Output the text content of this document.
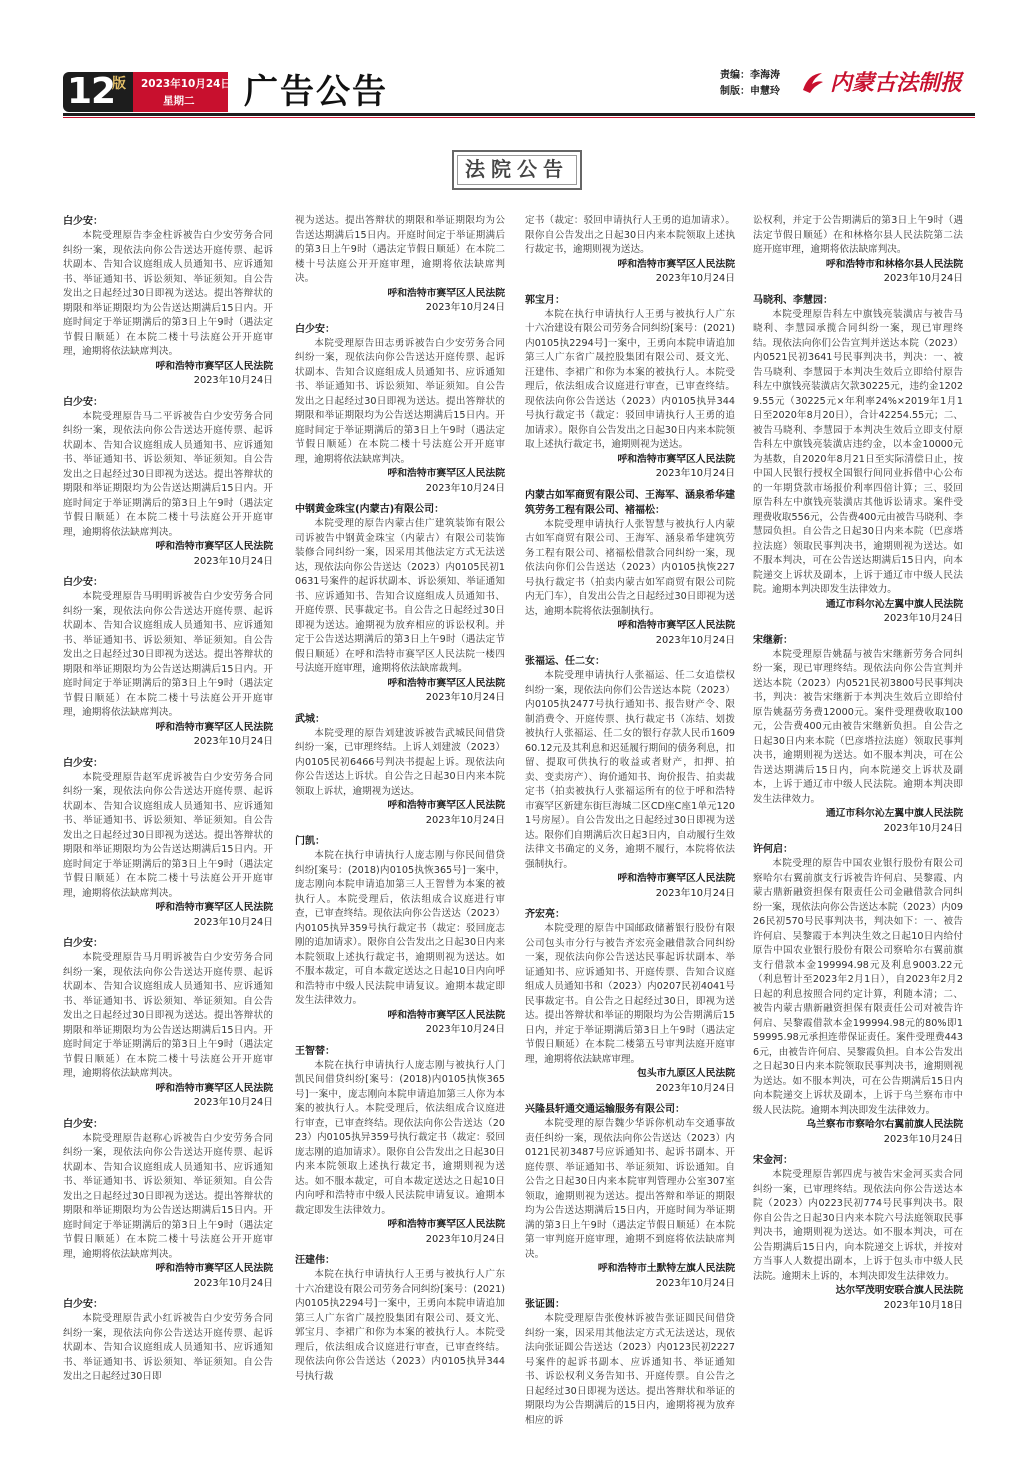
12
版 2023年10月24日
星期二 广告公告	责编：李海涛
制版：申慧玲 内蒙古法制报
法院公告

白少安：

本院受理原告李金柱诉被告白少安劳务合同纠纷一案，现依法向你公告送达开庭传票、起诉状副本、告知合议庭组成人员通知书、应诉通知书、举证通知书、诉讼须知、举证须知。自公告发出之日起经过30日即视为送达。提出答辩状的期限和举证期限均为公告送达期满后15日内。开庭时间定于举证期满后的第3日上午9时（遇法定节假日顺延）在本院二楼十号法庭公开开庭审理，逾期将依法缺席判决。

呼和浩特市赛罕区人民法院

2023年10月24日

白少安：

本院受理原告马二平诉被告白少安劳务合同纠纷一案，现依法向你公告送达开庭传票、起诉状副本、告知合议庭组成人员通知书、应诉通知书、举证通知书、诉讼须知、举证须知。自公告发出之日起经过30日即视为送达。提出答辩状的期限和举证期限均为公告送达期满后15日内。开庭时间定于举证期满后的第3日上午9时（遇法定节假日顺延）在本院二楼十号法庭公开开庭审理，逾期将依法缺席判决。

呼和浩特市赛罕区人民法院

2023年10月24日

白少安：

本院受理原告马明明诉被告白少安劳务合同纠纷一案，现依法向你公告送达开庭传票、起诉状副本、告知合议庭组成人员通知书、应诉通知书、举证通知书、诉讼须知、举证须知。自公告发出之日起经过30日即视为送达。提出答辩状的期限和举证期限均为公告送达期满后15日内。开庭时间定于举证期满后的第3日上午9时（遇法定节假日顺延）在本院二楼十号法庭公开开庭审理，逾期将依法缺席判决。

呼和浩特市赛罕区人民法院

2023年10月24日

白少安：

本院受理原告赵军虎诉被告白少安劳务合同纠纷一案，现依法向你公告送达开庭传票、起诉状副本、告知合议庭组成人员通知书、应诉通知书、举证通知书、诉讼须知、举证须知。自公告发出之日起经过30日即视为送达。提出答辩状的期限和举证期限均为公告送达期满后15日内。开庭时间定于举证期满后的第3日上午9时（遇法定节假日顺延）在本院二楼十号法庭公开开庭审理，逾期将依法缺席判决。

呼和浩特市赛罕区人民法院

2023年10月24日

白少安：

本院受理原告马月明诉被告白少安劳务合同纠纷一案，现依法向你公告送达开庭传票、起诉状副本、告知合议庭组成人员通知书、应诉通知书、举证通知书、诉讼须知、举证须知。自公告发出之日起经过30日即视为送达。提出答辩状的期限和举证期限均为公告送达期满后15日内。开庭时间定于举证期满后的第3日上午9时（遇法定节假日顺延）在本院二楼十号法庭公开开庭审理，逾期将依法缺席判决。

呼和浩特市赛罕区人民法院

2023年10月24日

白少安：

本院受理原告赵称心诉被告白少安劳务合同纠纷一案，现依法向你公告送达开庭传票、起诉状副本、告知合议庭组成人员通知书、应诉通知书、举证通知书、诉讼须知、举证须知。自公告发出之日起经过30日即视为送达。提出答辩状的期限和举证期限均为公告送达期满后15日内。开庭时间定于举证期满后的第3日上午9时（遇法定节假日顺延）在本院二楼十号法庭公开开庭审理，逾期将依法缺席判决。

呼和浩特市赛罕区人民法院

2023年10月24日

白少安：

本院受理原告武小红诉被告白少安劳务合同纠纷一案，现依法向你公告送达开庭传票、起诉状副本、告知合议庭组成人员通知书、应诉通知书、举证通知书、诉讼须知、举证须知。自公告发出之日起经过30日即

视为送达。提出答辩状的期限和举证期限均为公告送达期满后15日内。开庭时间定于举证期满后的第3日上午9时（遇法定节假日顺延）在本院二楼十号法庭公开开庭审理，逾期将依法缺席判决。

呼和浩特市赛罕区人民法院

2023年10月24日

白少安：

本院受理原告田志勇诉被告白少安劳务合同纠纷一案，现依法向你公告送达开庭传票、起诉状副本、告知合议庭组成人员通知书、应诉通知书、举证通知书、诉讼须知、举证须知。自公告发出之日起经过30日即视为送达。提出答辩状的期限和举证期限均为公告送达期满后15日内。开庭时间定于举证期满后的第3日上午9时（遇法定节假日顺延）在本院二楼十号法庭公开开庭审理，逾期将依法缺席判决。

呼和浩特市赛罕区人民法院

2023年10月24日

中钢黄金珠宝(内蒙古)有限公司：

本院受理的原告内蒙古佳广建筑装饰有限公司诉被告中钢黄金珠宝（内蒙古）有限公司装饰装修合同纠纷一案，因采用其他法定方式无法送达，现依法向你公告送达（2023）内0105民初10631号案件的起诉状副本、诉讼须知、举证通知书、应诉通知书、告知合议庭组成人员通知书、开庭传票、民事裁定书。自公告之日起经过30日即视为送达。逾期视为放弃相应的诉讼权利。并定于公告送达期满后的第3日上午9时（遇法定节假日顺延）在呼和浩特市赛罕区人民法院一楼四号法庭开庭审理，逾期将依法缺席裁判。

呼和浩特市赛罕区人民法院

2023年10月24日

武城：

本院受理的原告刘建波诉被告武城民间借贷纠纷一案，已审理终结。上诉人刘建波（2023）内0105民初6466号判决书提起上诉。现依法向你公告送达上诉状。自公告之日起30日内来本院领取上诉状，逾期视为送达。

呼和浩特市赛罕区人民法院

2023年10月24日

门凯：

本院在执行申请执行人庞志刚与你民间借贷纠纷[案号：(2018)内0105执恢365号]一案中，庞志刚向本院申请追加第三人王智替为本案的被执行人。本院受理后，依法组成合议庭进行审查，已审查终结。现依法向你公告送达（2023）内0105执异359号执行裁定书（裁定：驳回庞志刚的追加请求）。限你自公告发出之日起30日内来本院领取上述执行裁定书，逾期则视为送达。如不服本裁定，可自本裁定送达之日起10日内向呼和浩特市中级人民法院申请复议。逾期本裁定即发生法律效力。

呼和浩特市赛罕区人民法院

2023年10月24日

王智替：

本院在执行申请执行人庞志刚与被执行人门凯民间借贷纠纷[案号：(2018)内0105执恢365号]一案中，庞志刚向本院申请追加第三人你为本案的被执行人。本院受理后，依法组成合议庭进行审查，已审查终结。现依法向你公告送达（2023）内0105执异359号执行裁定书（裁定：驳回庞志刚的追加请求）。限你自公告发出之日起30日内来本院领取上述执行裁定书，逾期则视为送达。如不服本裁定，可自本裁定送达之日起10日内向呼和浩特市中级人民法院申请复议。逾期本裁定即发生法律效力。

呼和浩特市赛罕区人民法院

2023年10月24日

汪建伟：

本院在执行申请执行人王勇与被执行人广东十六冶建设有限公司劳务合同纠纷[案号：(2021)内0105执2294号]一案中，王勇向本院申请追加第三人广东省广晟控股集团有限公司、聂文光、郭宝月、李裙广和你为本案的被执行人。本院受理后，依法组成合议庭进行审查，已审查终结。现依法向你公告送达（2023）内0105执异344号执行裁

定书（裁定：驳回申请执行人王勇的追加请求）。限你自公告发出之日起30日内来本院领取上述执行裁定书，逾期则视为送达。

呼和浩特市赛罕区人民法院

2023年10月24日

郭宝月：

本院在执行申请执行人王勇与被执行人广东十六冶建设有限公司劳务合同纠纷[案号：(2021)内0105执2294号]一案中，王勇向本院申请追加第三人广东省广晟控股集团有限公司、聂文光、汪建伟、李裙广和你为本案的被执行人。本院受理后，依法组成合议庭进行审查，已审查终结。现依法向你公告送达（2023）内0105执异344号执行裁定书（裁定：驳回申请执行人王勇的追加请求）。限你自公告发出之日起30日内来本院领取上述执行裁定书，逾期则视为送达。

呼和浩特市赛罕区人民法院

2023年10月24日

内蒙古如军商贸有限公司、王海军、涵泉希华建筑劳务工程有限公司、褚福松：

本院受理申请执行人张智慧与被执行人内蒙古如军商贸有限公司、王海军、涵泉希华建筑劳务工程有限公司、褚福松借款合同纠纷一案，现依法向你们公告送达（2023）内0105执恢227号执行裁定书（拍卖内蒙古如军商贸有限公司院内无门车），自发出公告之日起经过30日即视为送达，逾期本院将依法强制执行。

呼和浩特市赛罕区人民法院

2023年10月24日

张福运、任二女：

本院受理申请执行人张福运、任二女追偿权纠纷一案，现依法向你们公告送达本院（2023）内0105执2477号执行通知书、报告财产令、限制消费令、开庭传票、执行裁定书（冻结、划拨被执行人张福运、任二女的银行存款人民币160960.12元及其利息和迟延履行期间的债务利息，扣留、提取可供执行的收益或者财产，扣押、拍卖、变卖房产）、询价通知书、询价报告、拍卖裁定书（拍卖被执行人张福运所有的位于呼和浩特市赛罕区新建东街巨海城二区CD座C座1单元1201号房屋）。自公告发出之日起经过30日即视为送达。限你们自期满后次日起3日内，自动履行生效法律文书确定的义务，逾期不履行，本院将依法强制执行。

呼和浩特市赛罕区人民法院

2023年10月24日

齐宏亮：

本院受理的原告中国邮政储蓄银行股份有限公司包头市分行与被告齐宏亮金融借款合同纠纷一案，现依法向你公告送达民事起诉状副本、举证通知书、应诉通知书、开庭传票、告知合议庭组成人员通知书和（2023）内0207民初4041号民事裁定书。自公告之日起经过30日，即视为送达。提出答辩状和举证的期限均为公告期满后15日内，并定于举证期满后第3日上午9时（遇法定节假日顺延）在本院二楼第五号审判法庭开庭审理，逾期将依法缺席审理。

包头市九原区人民法院

2023年10月24日

兴隆县轩通交通运输服务有限公司：

本院受理的原告魏少华诉你机动车交通事故责任纠纷一案，现依法向你公告送达（2023）内0121民初3487号应诉通知书、起诉书副本、开庭传票、举证通知书、举证须知、诉讼通知。自公告之日起30日内来本院审判管理办公室307室领取，逾期则视为送达。提出答辩和举证的期限均为公告送达期满后15日内，开庭时间为举证期满的第3日上午9时（遇法定节假日顺延）在本院第一审判庭开庭审理，逾期不到庭将依法缺席判决。

呼和浩特市土默特左旗人民法院

2023年10月24日

张证圆：

本院受理原告张俊林诉被告张证圆民间借贷纠纷一案，因采用其他法定方式无法送达，现依法向张证圆公告送达（2023）内0123民初2227号案件的起诉书副本、应诉通知书、举证通知书、诉讼权利义务告知书、开庭传票。自公告之日起经过30日即视为送达。提出答辩状和举证的期限均为公告期满后的15日内，逾期将视为放弃相应的诉

讼权利，并定于公告期满后的第3日上午9时（遇法定节假日顺延）在和林格尔县人民法院第二法庭开庭审理，逾期将依法缺席判决。

呼和浩特市和林格尔县人民法院

2023年10月24日

马晓利、李慧园：

本院受理原告科左中旗钱亮装潢店与被告马晓利、李慧园承揽合同纠纷一案，现已审理终结。现依法向你们公告宣判并送达本院（2023）内0521民初3641号民事判决书，判决：一、被告马晓利、李慧园于本判决生效后立即给付原告科左中旗钱亮装潢店欠款30225元，违约金12029.55元（30225元×年利率24%×2019年1月1日至2020年8月20日），合计42254.55元；二、被告马晓利、李慧园于本判决生效后立即支付原告科左中旗钱亮装潢店违约金，以本金10000元为基数，自2020年8月21日至实际清偿日止，按中国人民银行授权全国银行间同业拆借中心公布的一年期贷款市场报价利率四倍计算；三、驳回原告科左中旗钱亮装潢店其他诉讼请求。案件受理费收取556元，公告费400元由被告马晓利、李慧园负担。自公告之日起30日内来本院（巴彦塔拉法庭）领取民事判决书，逾期则视为送达。如不服本判决，可在公告送达期满后15日内，向本院递交上诉状及副本，上诉于通辽市中级人民法院。逾期本判决即发生法律效力。

通辽市科尔沁左翼中旗人民法院

2023年10月24日

宋继新：

本院受理原告姚磊与被告宋继新劳务合同纠纷一案，现已审理终结。现依法向你公告宣判并送达本院（2023）内0521民初3800号民事判决书，判决：被告宋继新于本判决生效后立即给付原告姚磊劳务费12000元。案件受理费收取100元，公告费400元由被告宋继新负担。自公告之日起30日内来本院（巴彦塔拉法庭）领取民事判决书，逾期则视为送达。如不服本判决，可在公告送达期满后15日内，向本院递交上诉状及副本，上诉于通辽市中级人民法院。逾期本判决即发生法律效力。

通辽市科尔沁左翼中旗人民法院

2023年10月24日

许何启：

本院受理的原告中国农业银行股份有限公司察哈尔右翼前旗支行诉被告许何启、吴黎霞、内蒙古鼎新融资担保有限责任公司金融借款合同纠纷一案，现依法向你公告送达本院（2023）内0926民初570号民事判决书，判决如下：一、被告许何启、吴黎霞于本判决生效之日起10日内给付原告中国农业银行股份有限公司察哈尔右翼前旗支行借款本金199994.98元及利息9003.22元（利息暂计至2023年2月1日），自2023年2月2日起的利息按照合同约定计算，利随本清；二、被告内蒙古鼎新融资担保有限责任公司对被告许何启、吴黎霞借款本金199994.98元的80%即159995.98元承担连带保证责任。案件受理费4436元，由被告许何启、吴黎霞负担。自本公告发出之日起30日内来本院领取民事判决书，逾期则视为送达。如不服本判决，可在公告期满后15日内向本院递交上诉状及副本，上诉于乌兰察布市中级人民法院。逾期本判决即发生法律效力。

乌兰察布市察哈尔右翼前旗人民法院

2023年10月24日

宋金河：

本院受理原告郭四虎与被告宋金河买卖合同纠纷一案，已审理终结。现依法向你公告送达本院（2023）内0223民初774号民事判决书。限你自公告之日起30日内来本院六号法庭领取民事判决书，逾期则视为送达。如不服本判决，可在公告期满后15日内，向本院递交上诉状，并按对方当事人人数提出副本，上诉于包头市中级人民法院。逾期未上诉的，本判决即发生法律效力。

达尔罕茂明安联合旗人民法院

2023年10月18日
